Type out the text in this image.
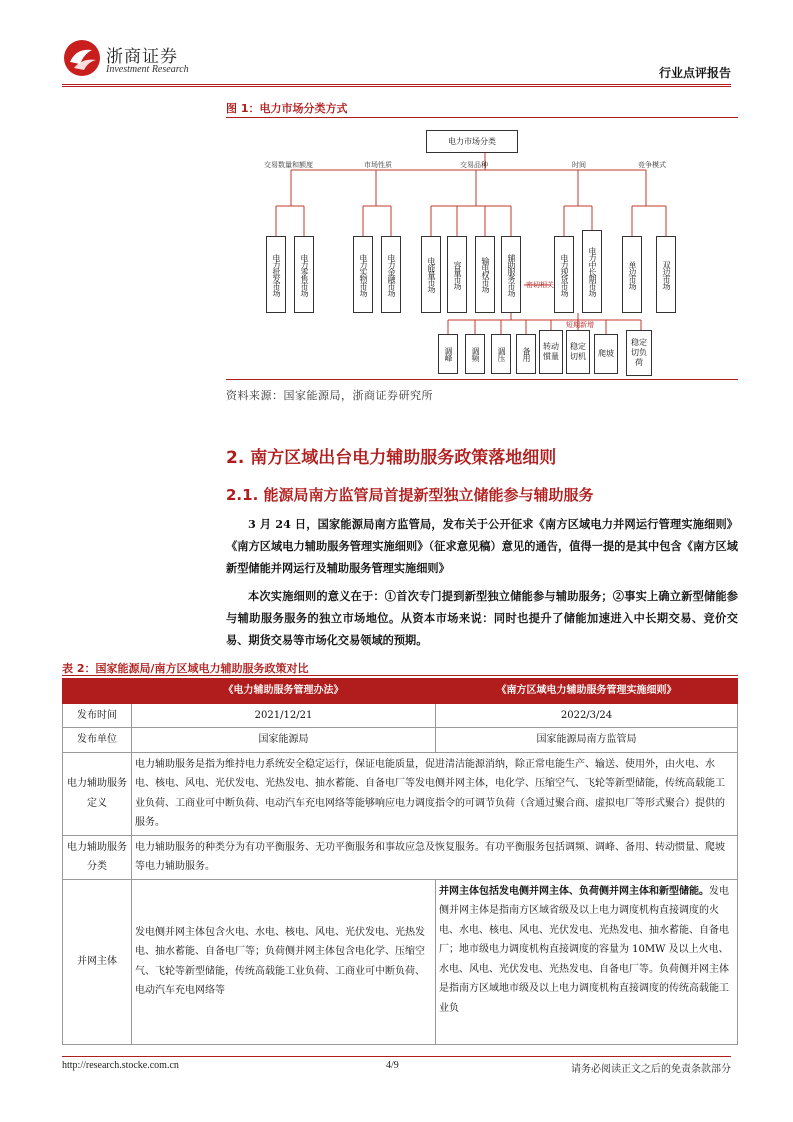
浙商证券
Investment Research	行业点评报告
图 1：电力市场分类方式
电力市场分类
交易数量和额度	市场性质	交易品种	时间	竞争模式
电力批发市场	电力零售市场	电力实物市场	电力金融市场	电能量市场	容量市场	输电权市场	辅助服务市场	电力现货市场	电力中长期市场	单边市场	双边市场
密切相关
短期新增
调峰	调频	调压	备用
转动惯量
稳定切机	爬坡
稳定切负荷
资料来源：国家能源局，浙商证券研究所
2. 南方区域出台电力辅助服务政策落地细则
2.1. 能源局南方监管局首提新型独立储能参与辅助服务
3 月 24 日，国家能源局南方监管局，发布关于公开征求《南方区域电力并网运行管理实施细则》《南方区域电力辅助服务管理实施细则》（征求意见稿）意见的通告，值得一提的是其中包含《南方区域新型储能并网运行及辅助服务管理实施细则》
本次实施细则的意义在于：①首次专门提到新型独立储能参与辅助服务；②事实上确立新型储能参与辅助服务服务的独立市场地位。从资本市场来说：同时也提升了储能加速进入中长期交易、竞价交易、期货交易等市场化交易领域的预期。
表 2：国家能源局/南方区域电力辅助服务政策对比
	《电力辅助服务管理办法》	《南方区域电力辅助服务管理实施细则》
发布时间	2021/12/21	2022/3/24
发布单位	国家能源局	国家能源局南方监管局
电力辅助服务定义	电力辅助服务是指为维持电力系统安全稳定运行，保证电能质量，促进清洁能源消纳，除正常电能生产、输送、使用外，由火电、水电、核电、风电、光伏发电、光热发电、抽水蓄能、自备电厂等发电侧并网主体，电化学、压缩空气、飞轮等新型储能，传统高载能工业负荷、工商业可中断负荷、电动汽车充电网络等能够响应电力调度指令的可调节负荷（含通过聚合商、虚拟电厂等形式聚合）提供的服务。	
电力辅助服务分类	电力辅助服务的种类分为有功平衡服务、无功平衡服务和事故应急及恢复服务。有功平衡服务包括调频、调峰、备用、转动惯量、爬坡等电力辅助服务。	
并网主体	发电侧并网主体包含火电、水电、核电、风电、光伏发电、光热发电、抽水蓄能、自备电厂等；负荷侧并网主体包含电化学、压缩空气、飞轮等新型储能，传统高载能工业负荷、工商业可中断负荷、电动汽车充电网络等	并网主体包括发电侧并网主体、负荷侧并网主体和新型储能。发电侧并网主体是指南方区域省级及以上电力调度机构直接调度的火电、水电、核电、风电、光伏发电、光热发电、抽水蓄能、自备电厂；地市级电力调度机构直接调度的容量为 10MW 及以上火电、水电、风电、光伏发电、光热发电、自备电厂等。负荷侧并网主体是指南方区域地市级及以上电力调度机构直接调度的传统高载能工业负
http://research.stocke.com.cn	4/9	请务必阅读正文之后的免责条款部分
